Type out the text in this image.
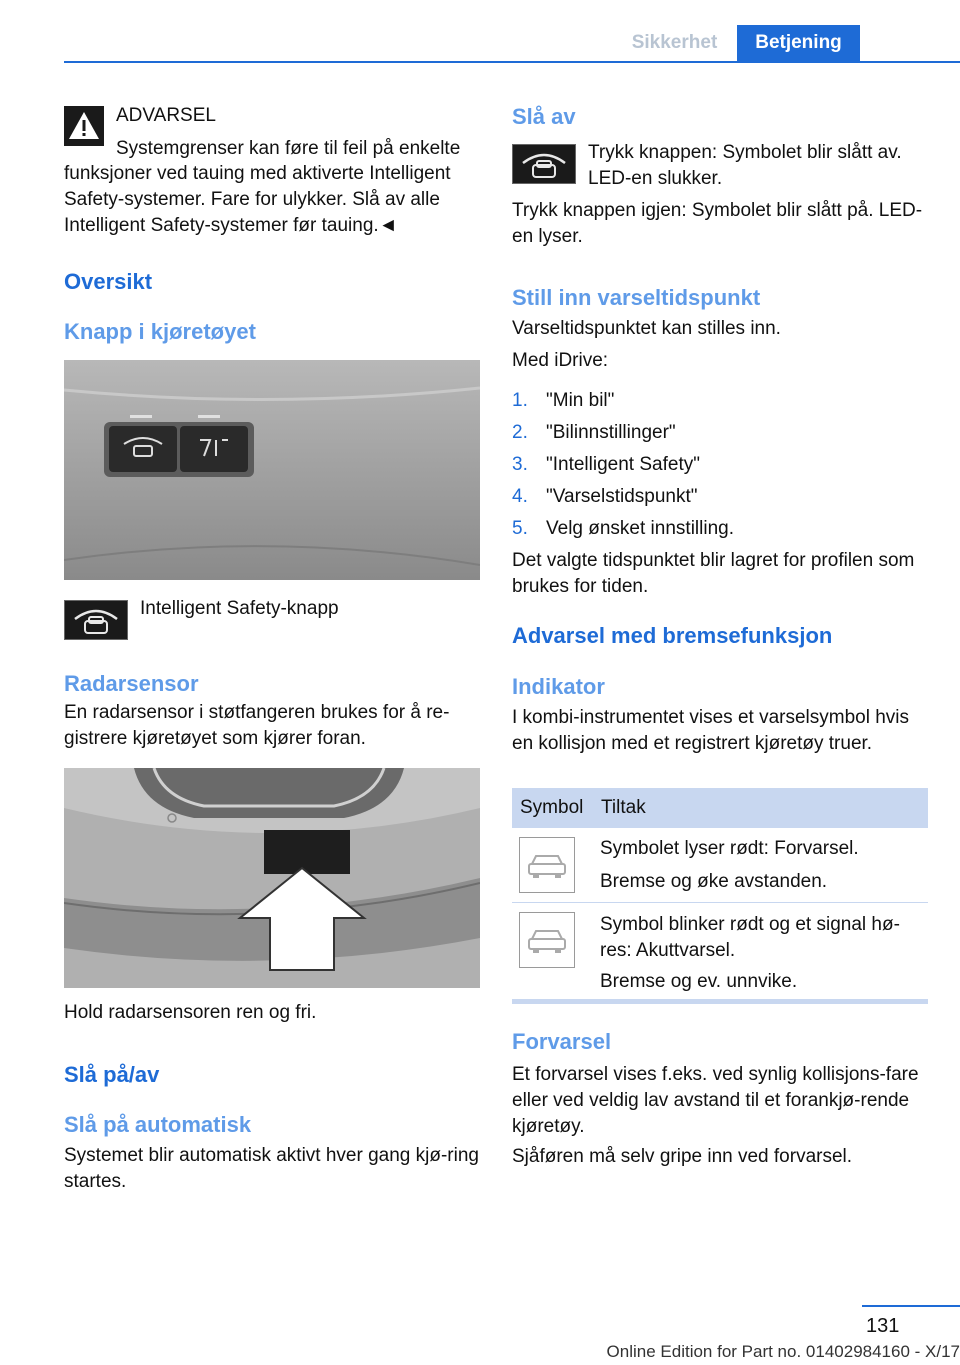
Sikkerhet	Betjening
ADVARSEL
Systemgrenser kan føre til feil på enkelte
funksjoner ved tauing med aktiverte Intelligent Safety-systemer. Fare for ulykker. Slå av alle Intelligent Safety-systemer før tauing.◄
Oversikt
Knapp i kjøretøyet
Intelligent Safety-knapp
Radarsensor
En radarsensor i støtfangeren brukes for å re-gistrere kjøretøyet som kjører foran.
Hold radarsensoren ren og fri.
Slå på/av
Slå på automatisk
Systemet blir automatisk aktivt hver gang kjø-ring startes.
Slå av
Trykk knappen: Symbolet blir slått av. LED-en slukker.
Trykk knappen igjen: Symbolet blir slått på. LED-en lyser.
Still inn varseltidspunkt
Varseltidspunktet kan stilles inn.
Med iDrive:
1. "Min bil"
2. "Bilinnstillinger"
3. "Intelligent Safety"
4. "Varselstidspunkt"
5. Velg ønsket innstilling.
Det valgte tidspunktet blir lagret for profilen som brukes for tiden.
Advarsel med bremsefunksjon
Indikator
I kombi-instrumentet vises et varselsymbol hvis en kollisjon med et registrert kjøretøy truer.
Symbol Tiltak
Symbolet lyser rødt: Forvarsel.
Bremse og øke avstanden.
Symbol blinker rødt og et signal hø-res: Akuttvarsel.
Bremse og ev. unnvike.
Forvarsel
Et forvarsel vises f.eks. ved synlig kollisjons-fare eller ved veldig lav avstand til et forankjø-rende kjøretøy.
Sjåføren må selv gripe inn ved forvarsel.
131
Online Edition for Part no. 01402984160 - X/17
